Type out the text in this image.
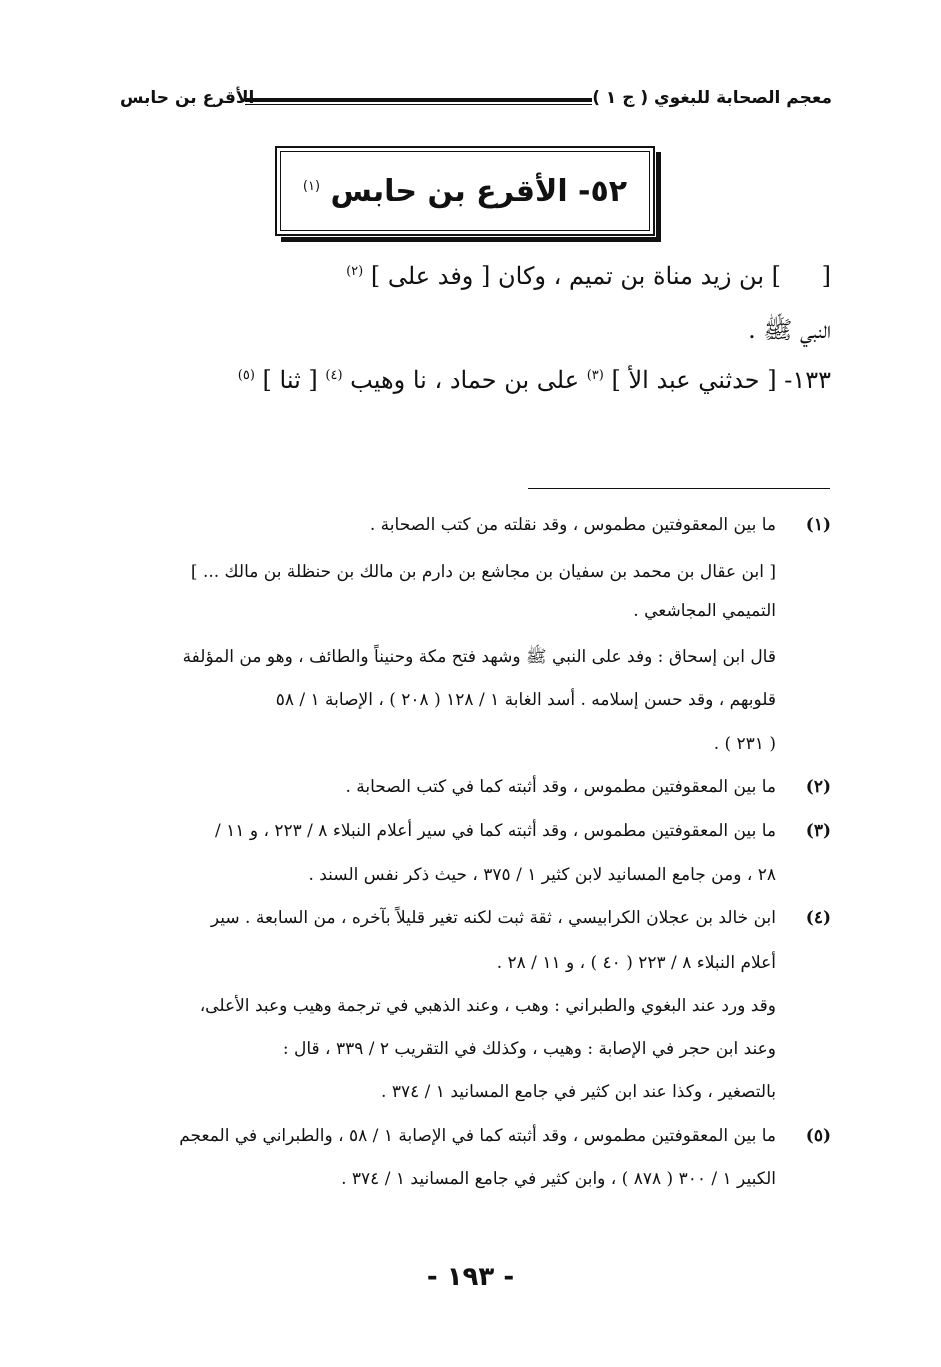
معجم الصحابة للبغوي ( ج ١ )
الأقرع بن حابس
٥٢- الأقرع بن حابس $^{(١)}$
] بن زيد مناة بن تميم ، وكان [ وفد على ] $^{(٢)}$	[
النبي ﷺ .
١٣٣- [ حدثني عبد الأ ] $^{(٣)}$ على بن حماد ، نا وهيب $^{(٤)}$ [ ثنا ] $^{(٥)}$
(١)
ما بين المعقوفتين مطموس ، وقد نقلته من كتب الصحابة .
[ ابن عقال بن محمد بن سفيان بن مجاشع بن دارم بن مالك بن حنظلة بن مالك ... ]
التميمي المجاشعي .
قال ابن إسحاق : وفد على النبي ﷺ وشهد فتح مكة وحنيناً والطائف ، وهو من المؤلفة
قلوبهم ، وقد حسن إسلامه . أسد الغابة ١ / ١٢٨ ( ٢٠٨ ) ، الإصابة ١ / ٥٨
( ٢٣١ ) .
(٢)
ما بين المعقوفتين مطموس ، وقد أثبته كما في كتب الصحابة .
(٣)
ما بين المعقوفتين مطموس ، وقد أثبته كما في سير أعلام النبلاء ٨ / ٢٢٣ ، و ١١ /
٢٨ ، ومن جامع المسانيد لابن كثير ١ / ٣٧٥ ، حيث ذكر نفس السند .
(٤)
ابن خالد بن عجلان الكرابيسي ، ثقة ثبت لكنه تغير قليلاً بآخره ، من السابعة . سير
أعلام النبلاء ٨ / ٢٢٣ ( ٤٠ ) ، و ١١ / ٢٨ .
وقد ورد عند البغوي والطبراني : وهب ، وعند الذهبي في ترجمة وهيب وعبد الأعلى،
وعند ابن حجر في الإصابة : وهيب ، وكذلك في التقريب ٢ / ٣٣٩ ، قال :
بالتصغير ، وكذا عند ابن كثير في جامع المسانيد ١ / ٣٧٤ .
(٥)
ما بين المعقوفتين مطموس ، وقد أثبته كما في الإصابة ١ / ٥٨ ، والطبراني في المعجم
الكبير ١ / ٣٠٠ ( ٨٧٨ ) ، وابن كثير في جامع المسانيد ١ / ٣٧٤ .
- ١٩٣ -
